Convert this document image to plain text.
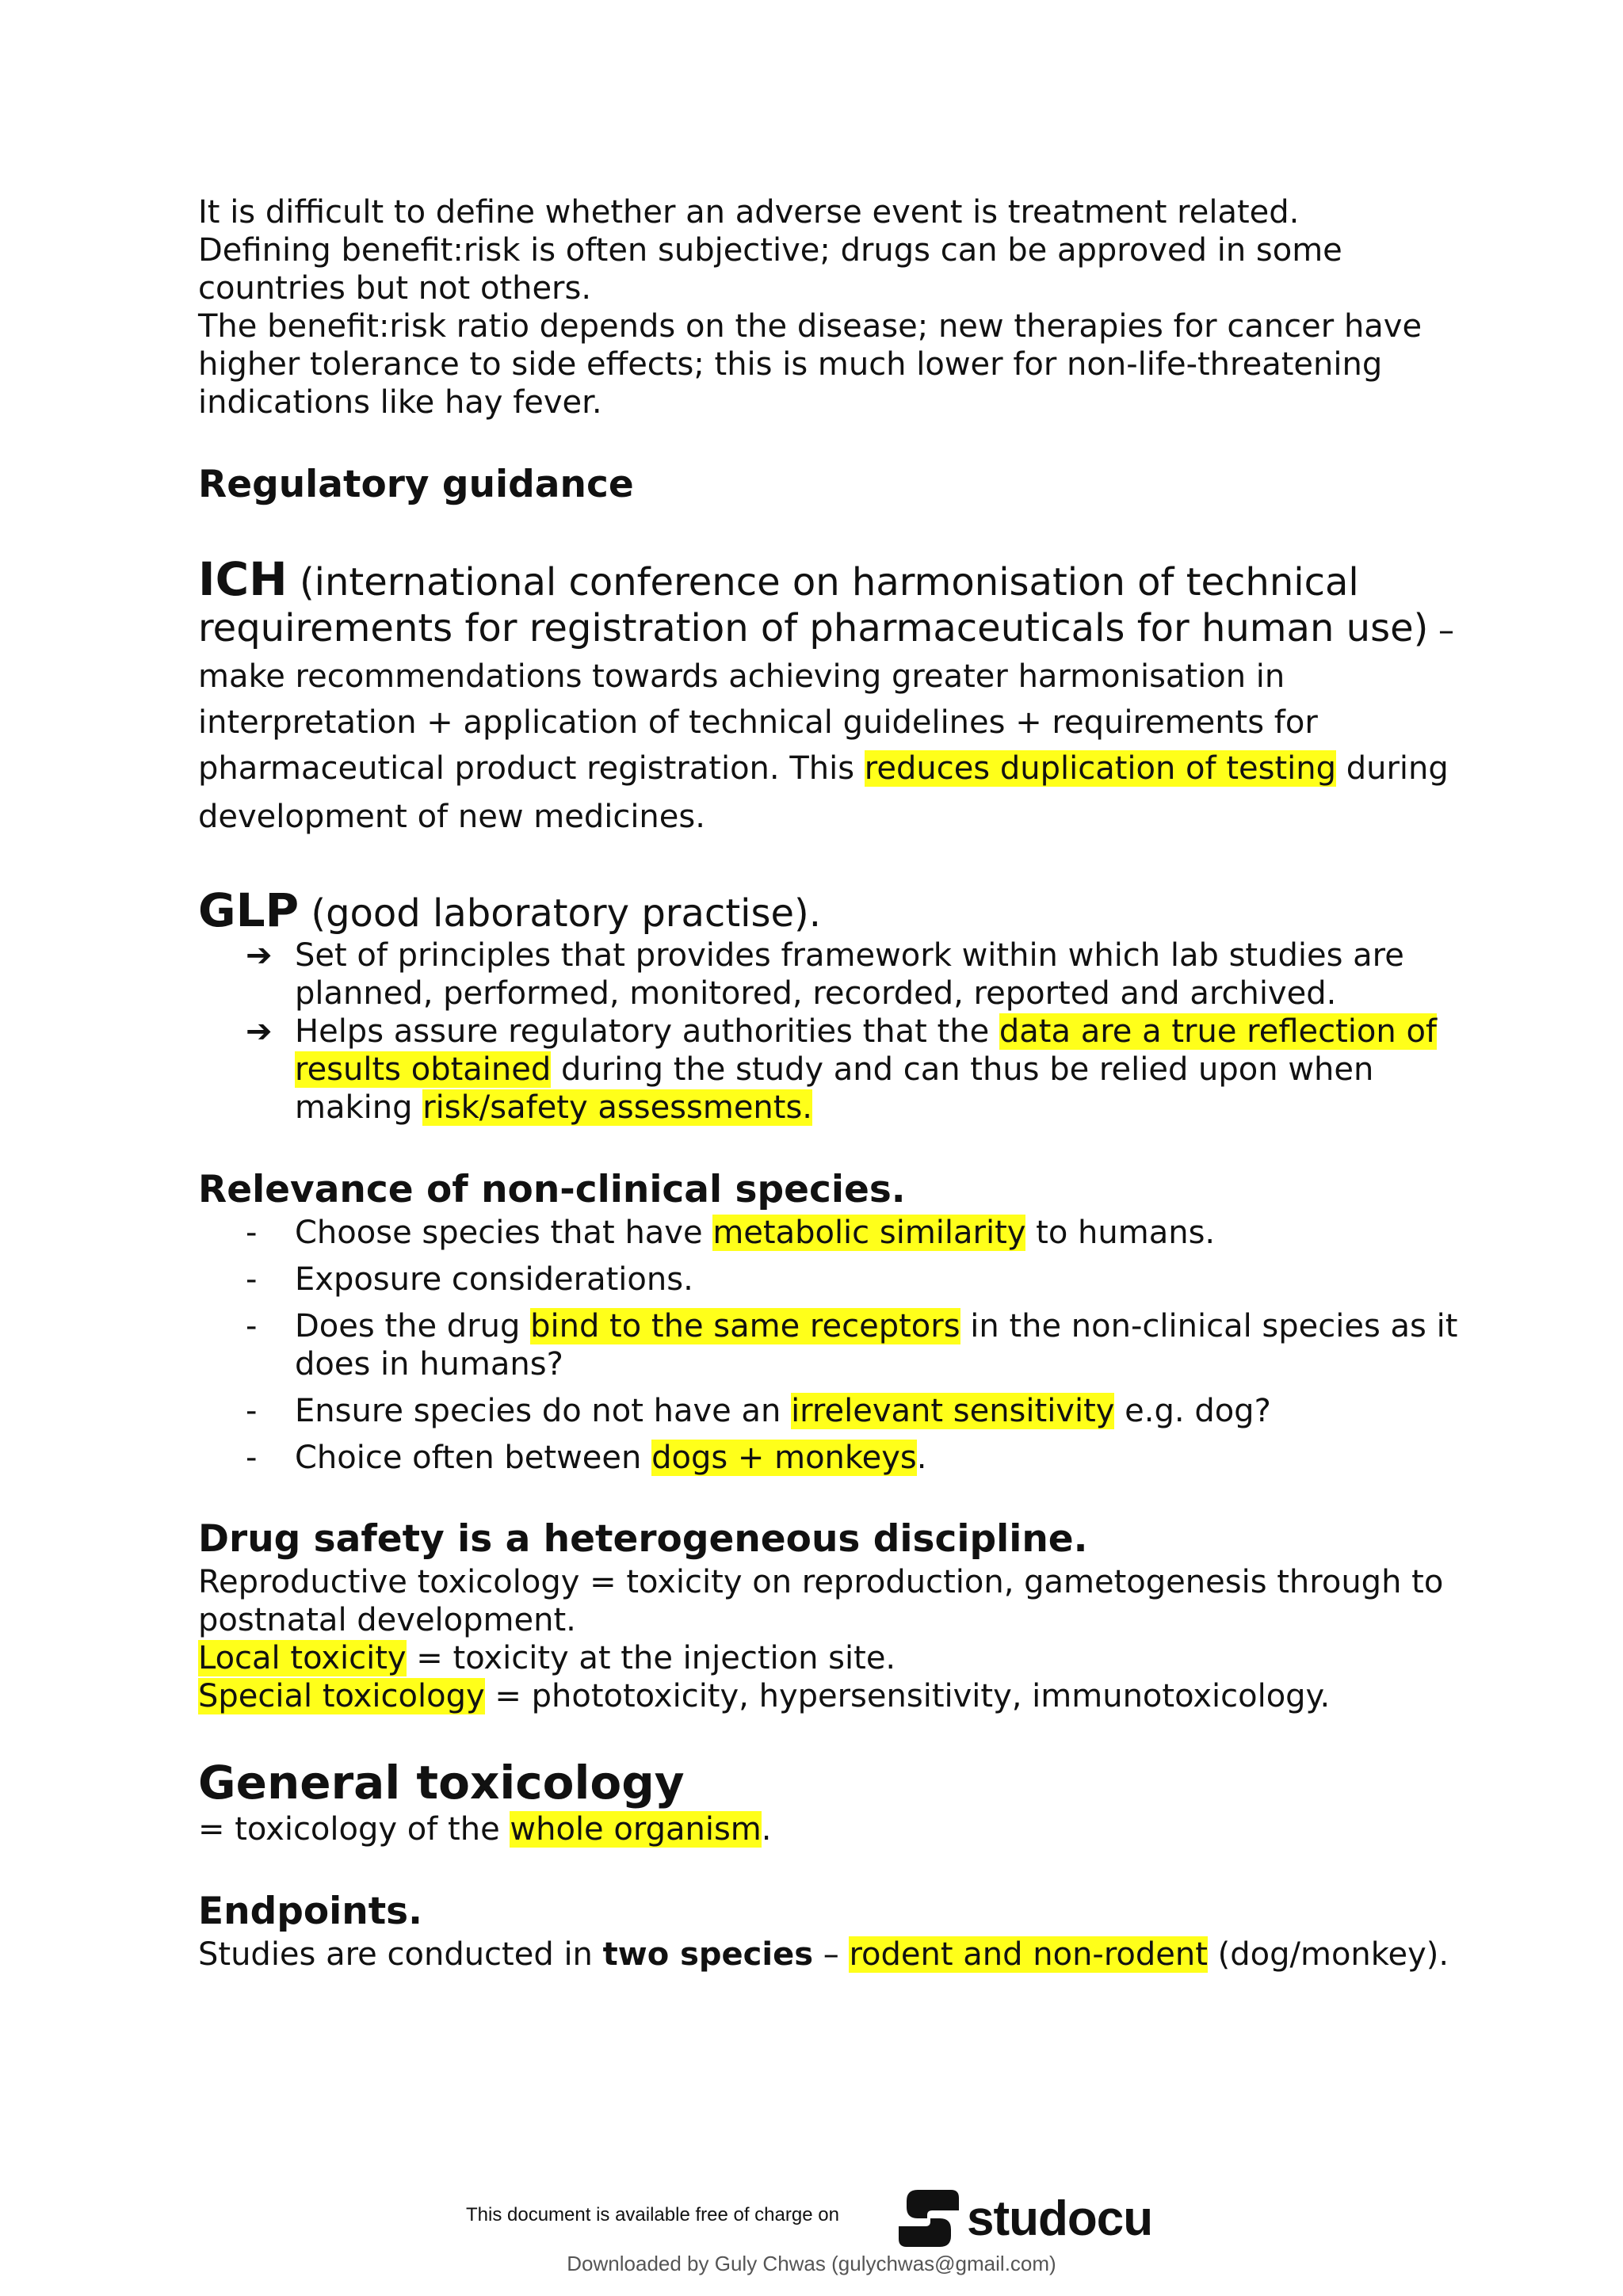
It is difficult to define whether an adverse event is treatment related.

Defining benefit:risk is often subjective; drugs can be approved in some countries but not others.

The benefit:risk ratio depends on the disease; new therapies for cancer have higher tolerance to side effects; this is much lower for non-life-threatening indications like hay fever.

Regulatory guidance

ICH (international conference on harmonisation of technical requirements for registration of pharmaceuticals for human use) – make recommendations towards achieving greater harmonisation in interpretation + application of technical guidelines + requirements for pharmaceutical product registration. This reduces duplication of testing during development of new medicines.

GLP (good laboratory practise).

➔ Set of principles that provides framework within which lab studies are planned, performed, monitored, recorded, reported and archived.
➔ Helps assure regulatory authorities that the data are a true reflection of results obtained during the study and can thus be relied upon when making risk/safety assessments.
Relevance of non-clinical species.
- Choose species that have metabolic similarity to humans.
- Exposure considerations.
- Does the drug bind to the same receptors in the non-clinical species as it does in humans?
- Ensure species do not have an irrelevant sensitivity e.g. dog?
- Choice often between dogs + monkeys.
Drug safety is a heterogeneous discipline.

Reproductive toxicology = toxicity on reproduction, gametogenesis through to postnatal development.

Local toxicity = toxicity at the injection site.

Special toxicology = phototoxicity, hypersensitivity, immunotoxicology.

General toxicology

= toxicology of the whole organism.

Endpoints.

Studies are conducted in two species – rodent and non-rodent (dog/monkey).

This document is available free of charge on	studocu
Downloaded by Guly Chwas (gulychwas@gmail.com)
